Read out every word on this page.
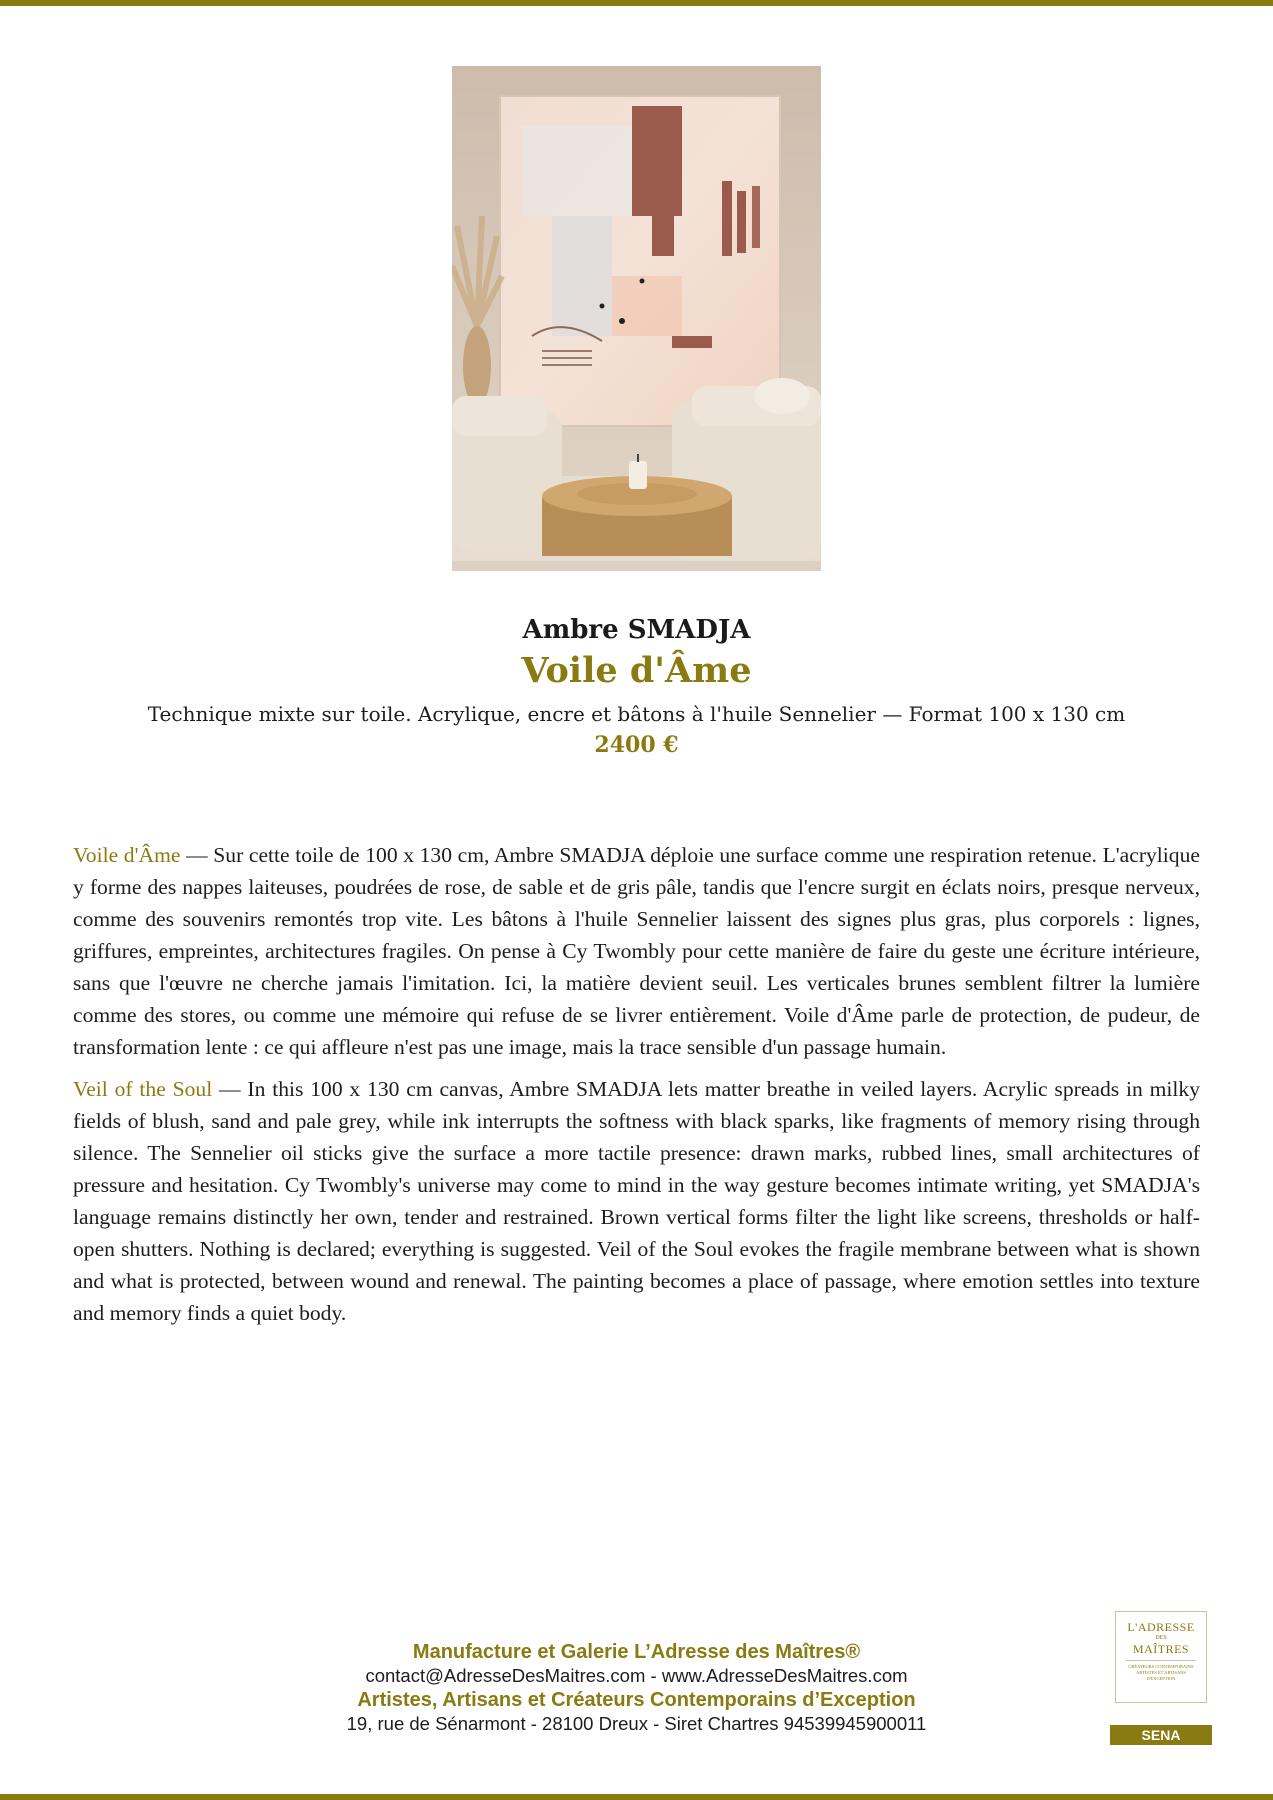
Ambre SMADJA

Voile d'Âme

Technique mixte sur toile. Acrylique, encre et bâtons à l'huile Sennelier — Format 100 x 130 cm

2400 €

Voile d'Âme — Sur cette toile de 100 x 130 cm, Ambre SMADJA déploie une surface comme une respiration retenue. L'acrylique y forme des nappes laiteuses, poudrées de rose, de sable et de gris pâle, tandis que l'encre surgit en éclats noirs, presque nerveux, comme des souvenirs remontés trop vite. Les bâtons à l'huile Sennelier laissent des signes plus gras, plus corporels : lignes, griffures, empreintes, architectures fragiles. On pense à Cy Twombly pour cette manière de faire du geste une écriture intérieure, sans que l'œuvre ne cherche jamais l'imitation. Ici, la matière devient seuil. Les verticales brunes semblent filtrer la lumière comme des stores, ou comme une mémoire qui refuse de se livrer entièrement. Voile d'Âme parle de protection, de pudeur, de transformation lente : ce qui affleure n'est pas une image, mais la trace sensible d'un passage humain.

Veil of the Soul — In this 100 x 130 cm canvas, Ambre SMADJA lets matter breathe in veiled layers. Acrylic spreads in milky fields of blush, sand and pale grey, while ink interrupts the softness with black sparks, like fragments of memory rising through silence. The Sennelier oil sticks give the surface a more tactile presence: drawn marks, rubbed lines, small architectures of pressure and hesitation. Cy Twombly's universe may come to mind in the way gesture becomes intimate writing, yet SMADJA's language remains distinctly her own, tender and restrained. Brown vertical forms filter the light like screens, thresholds or half-open shutters. Nothing is declared; everything is suggested. Veil of the Soul evokes the fragile membrane between what is shown and what is protected, between wound and renewal. The painting becomes a place of passage, where emotion settles into texture and memory finds a quiet body.

Manufacture et Galerie L’Adresse des Maîtres®
contact@AdresseDesMaitres.com - www.AdresseDesMaitres.com
Artistes, Artisans et Créateurs Contemporains d’Exception
19, rue de Sénarmont - 28100 Dreux - Siret Chartres 94539945900011
L'ADRESSE
DES
MAÎTRES
CRÉATEURS CONTEMPORAINS ARTISTES ET ARTISANS D'EXCEPTION
SENA
